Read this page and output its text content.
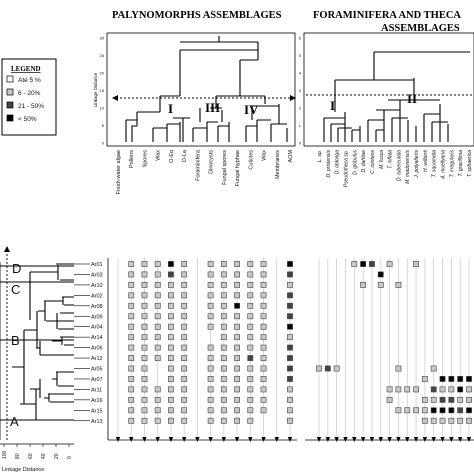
PALYNOMORPHS ASSEMBLAGES	FORAMINIFERA AND THECA
ASSEMBLAGES
LEGEND
Até 5 %
6 - 20%
21 - 50%
< 50%
Linkage Distance
30
25
20
15
10
5
0
I III IV
6
5
4
3
2
1
0
I	II
Fresh-water algae Pollens Spores Wax O-Eq O-La Foraminifera Dinocysts Fungal spores Fungal hyphae Cuticles Wax Membranes AOM	L. sp. D. pristensis D. oblonga Pseudotheca sp. D. globulus D. dahliae C. contans M. fusca T. inflata D. tuberculata M. madonensis J. polyalteris H. wilberti T. squamata A. muellyana T. irregularis T. gracillima T. sphaerica
Ar01
Ar03
Ar10
Ar02
Ar08
Ar09
Ar04
Ar14
Ar06
Ar12
Ar05
Ar07
Ar11
Ar16
Ar15
Ar13
D
C
B
A
100 80 60 40 20 0
Linkage Distance
